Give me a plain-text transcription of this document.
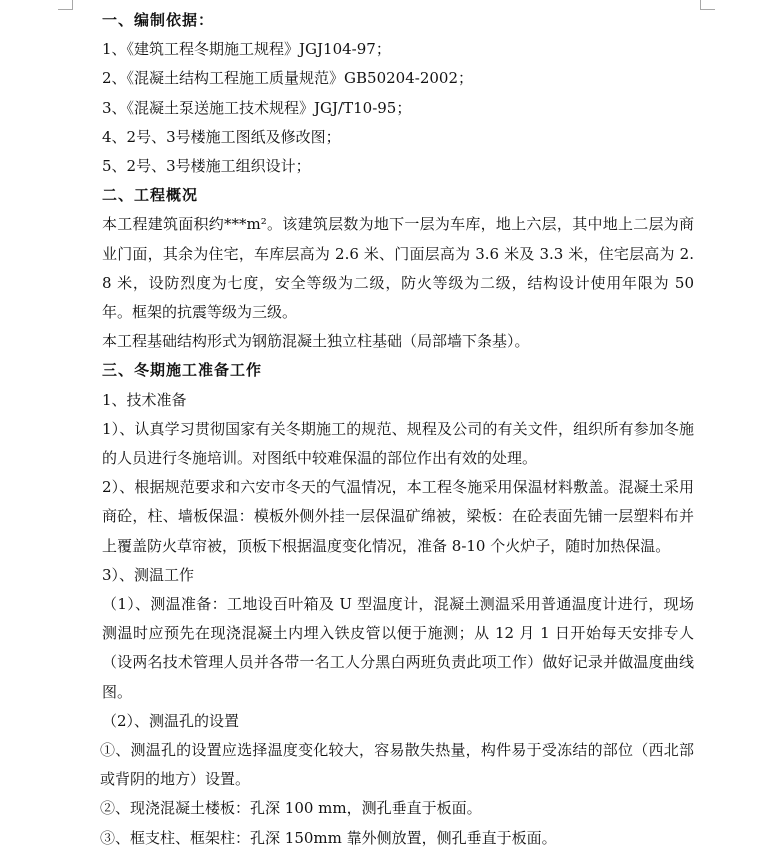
一、编制依据：

1、《建筑工程冬期施工规程》JGJ104-97；

2、《混凝土结构工程施工质量规范》GB50204-2002；

3、《混凝土泵送施工技术规程》JGJ/T10-95；

4、2号、3号楼施工图纸及修改图；

5、2号、3号楼施工组织设计；

二、工程概况

本工程建筑面积约***m²。该建筑层数为地下一层为车库，地上六层，其中地上二层为商业门面，其余为住宅，车库层高为 2.6 米、门面层高为 3.6 米及 3.3 米，住宅层高为 2.8 米，设防烈度为七度，安全等级为二级，防火等级为二级，结构设计使用年限为 50 年。框架的抗震等级为三级。

本工程基础结构形式为钢筋混凝土独立柱基础（局部墙下条基）。

三、冬期施工准备工作

1、技术准备

1）、认真学习贯彻国家有关冬期施工的规范、规程及公司的有关文件，组织所有参加冬施的人员进行冬施培训。对图纸中较难保温的部位作出有效的处理。

2）、根据规范要求和六安市冬天的气温情况，本工程冬施采用保温材料敷盖。混凝土采用商砼，柱、墙板保温：模板外侧外挂一层保温矿绵被，梁板：在砼表面先铺一层塑料布并上覆盖防火草帘被，顶板下根据温度变化情况，准备 8-10 个火炉子，随时加热保温。

3）、测温工作

（1）、测温准备：工地设百叶箱及 U 型温度计，混凝土测温采用普通温度计进行，现场测温时应预先在现浇混凝土内埋入铁皮管以便于施测；从 12 月 1 日开始每天安排专人（设两名技术管理人员并各带一名工人分黑白两班负责此项工作）做好记录并做温度曲线图。

（2）、测温孔的设置

①、测温孔的设置应选择温度变化较大，容易散失热量，构件易于受冻结的部位（西北部或背阴的地方）设置。

②、现浇混凝土楼板：孔深 100 mm，测孔垂直于板面。

③、框支柱、框架柱：孔深 150mm 靠外侧放置，侧孔垂直于板面。
